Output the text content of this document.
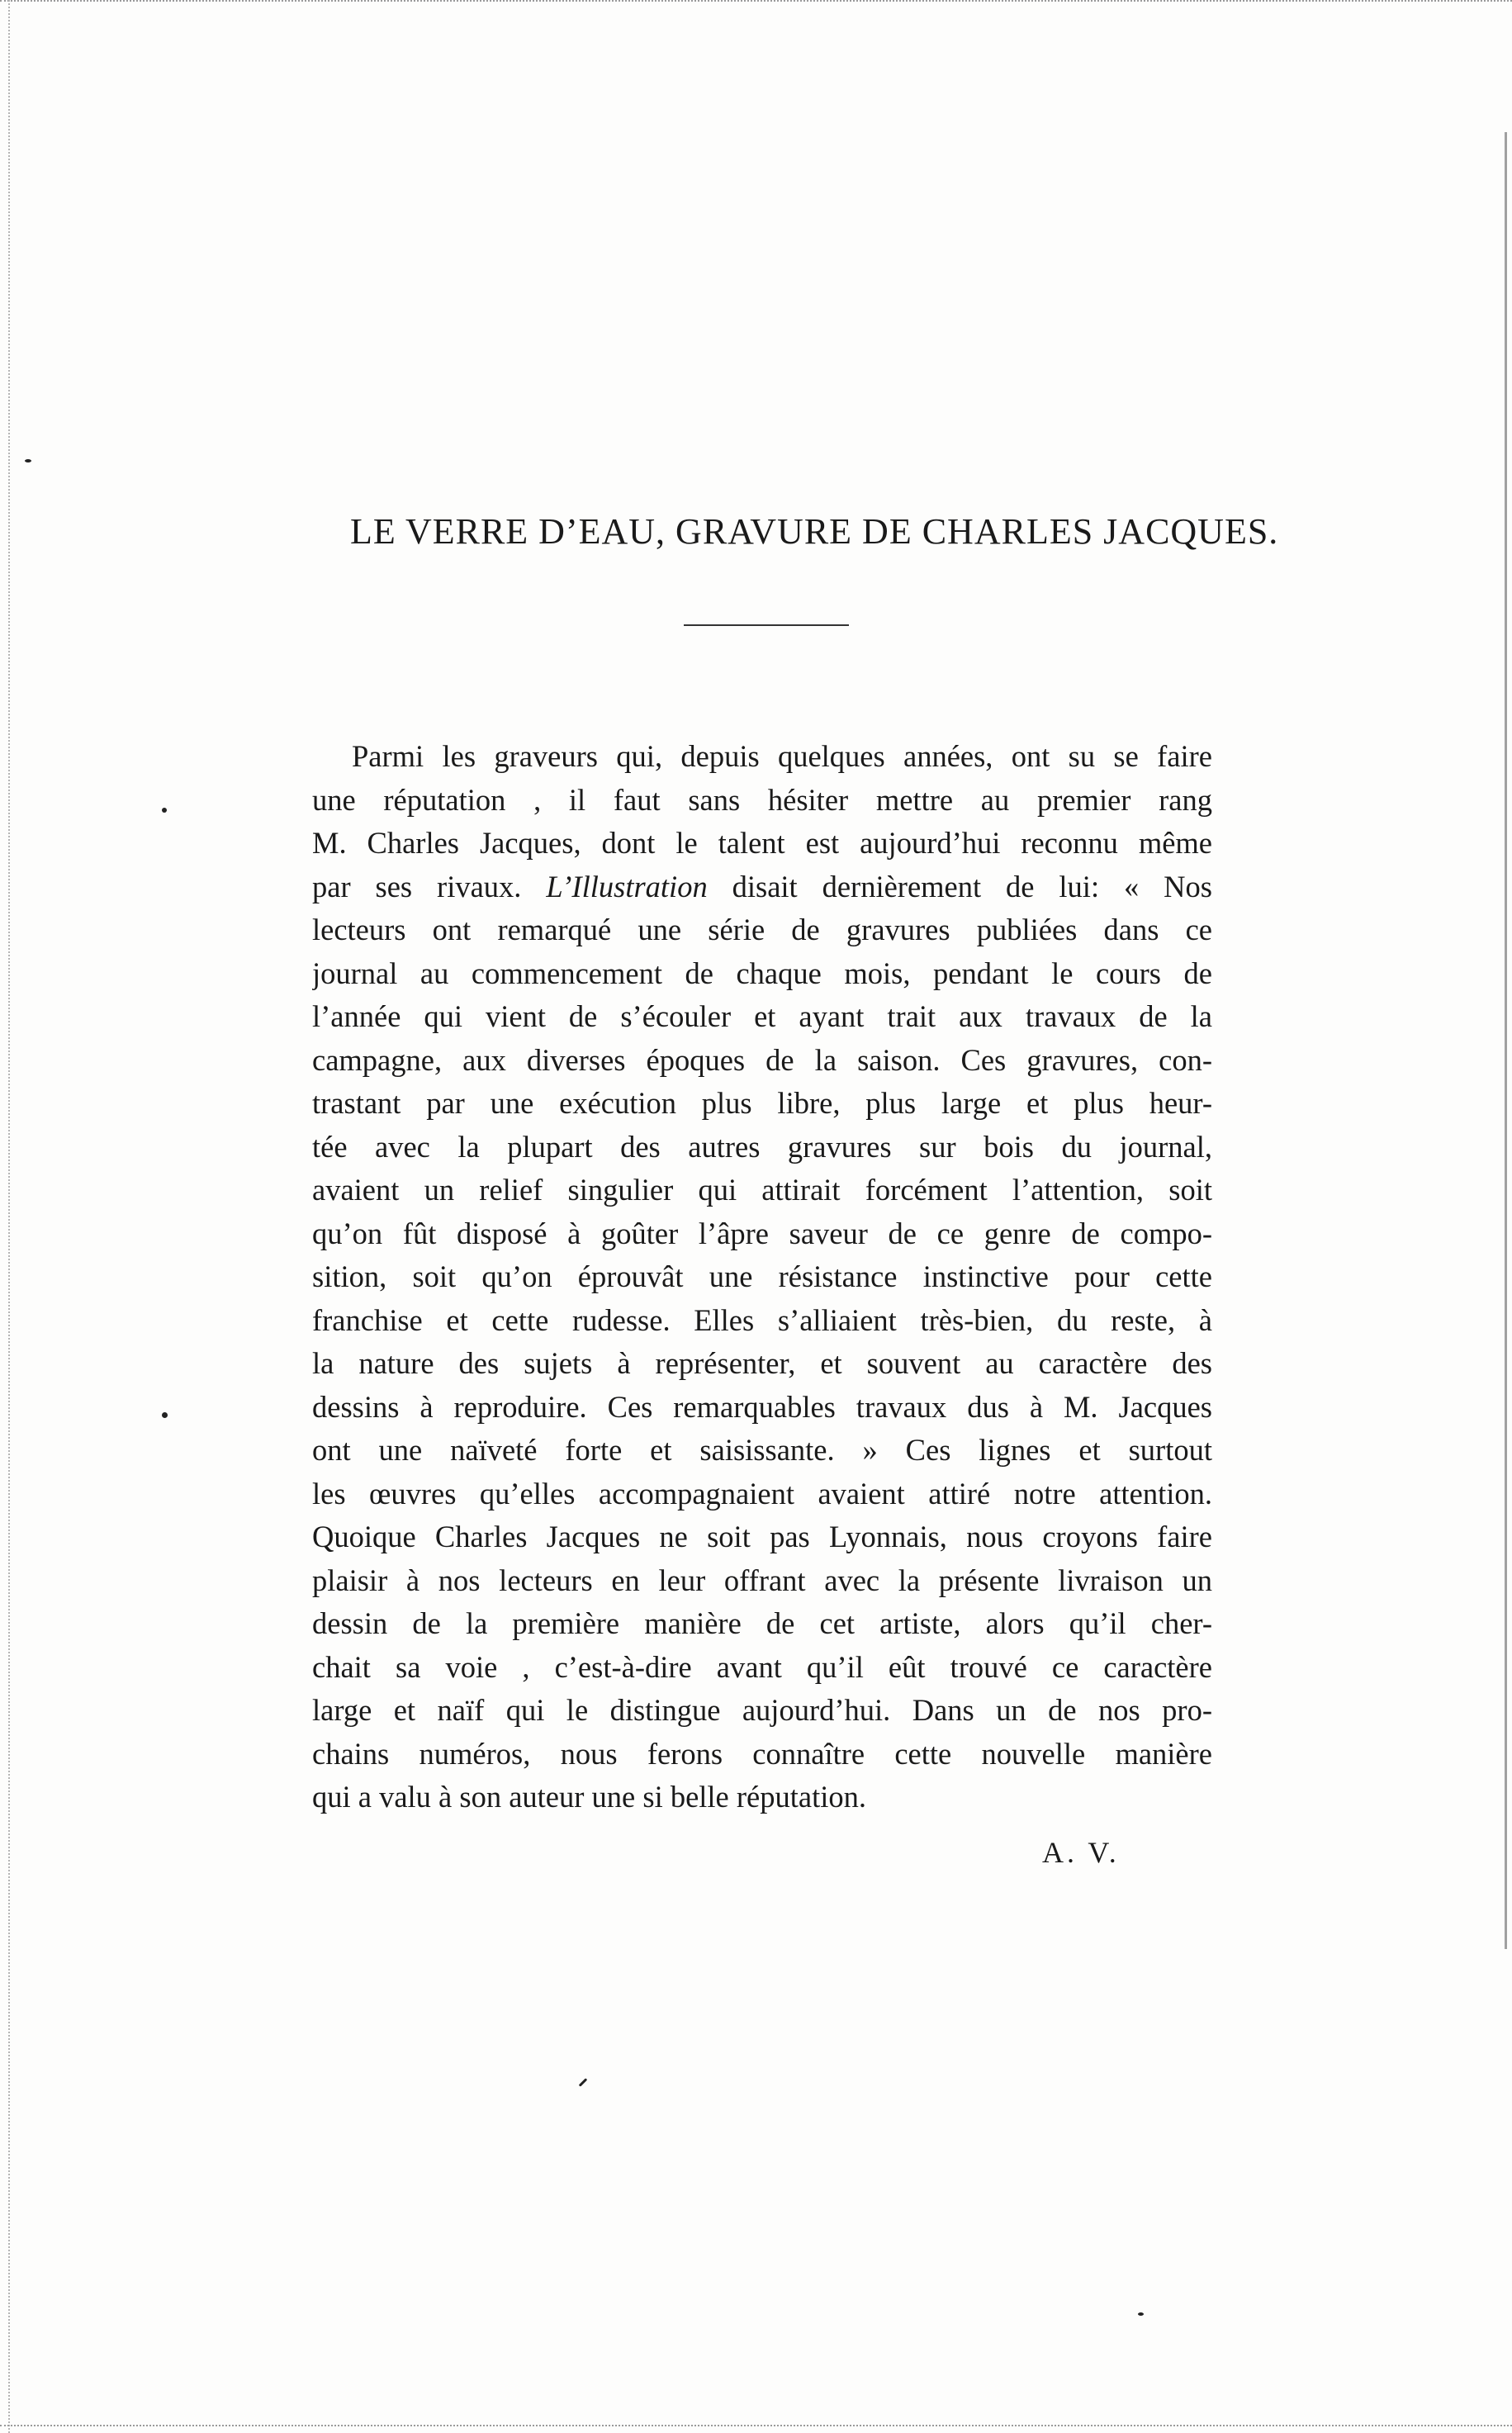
LE VERRE D’EAU, GRAVURE DE CHARLES JACQUES.
Parmi les graveurs qui, depuis quelques années, ont su se faire
une réputation , il faut sans hésiter mettre au premier rang
M. Charles Jacques, dont le talent est aujourd’hui reconnu même
par ses rivaux. L’Illustration disait dernièrement de lui: « Nos
lecteurs ont remarqué une série de gravures publiées dans ce
journal au commencement de chaque mois, pendant le cours de
l’année qui vient de s’écouler et ayant trait aux travaux de la
campagne, aux diverses époques de la saison. Ces gravures, con-
trastant par une exécution plus libre, plus large et plus heur-
tée avec la plupart des autres gravures sur bois du journal,
avaient un relief singulier qui attirait forcément l’attention, soit
qu’on fût disposé à goûter l’âpre saveur de ce genre de compo-
sition, soit qu’on éprouvât une résistance instinctive pour cette
franchise et cette rudesse. Elles s’alliaient très-bien, du reste, à
la nature des sujets à représenter, et souvent au caractère des
dessins à reproduire. Ces remarquables travaux dus à M. Jacques
ont une naïveté forte et saisissante. » Ces lignes et surtout
les œuvres qu’elles accompagnaient avaient attiré notre attention.
Quoique Charles Jacques ne soit pas Lyonnais, nous croyons faire
plaisir à nos lecteurs en leur offrant avec la présente livraison un
dessin de la première manière de cet artiste, alors qu’il cher-
chait sa voie , c’est-à-dire avant qu’il eût trouvé ce caractère
large et naïf qui le distingue aujourd’hui. Dans un de nos pro-
chains numéros, nous ferons connaître cette nouvelle manière
qui a valu à son auteur une si belle réputation.
A. V.
